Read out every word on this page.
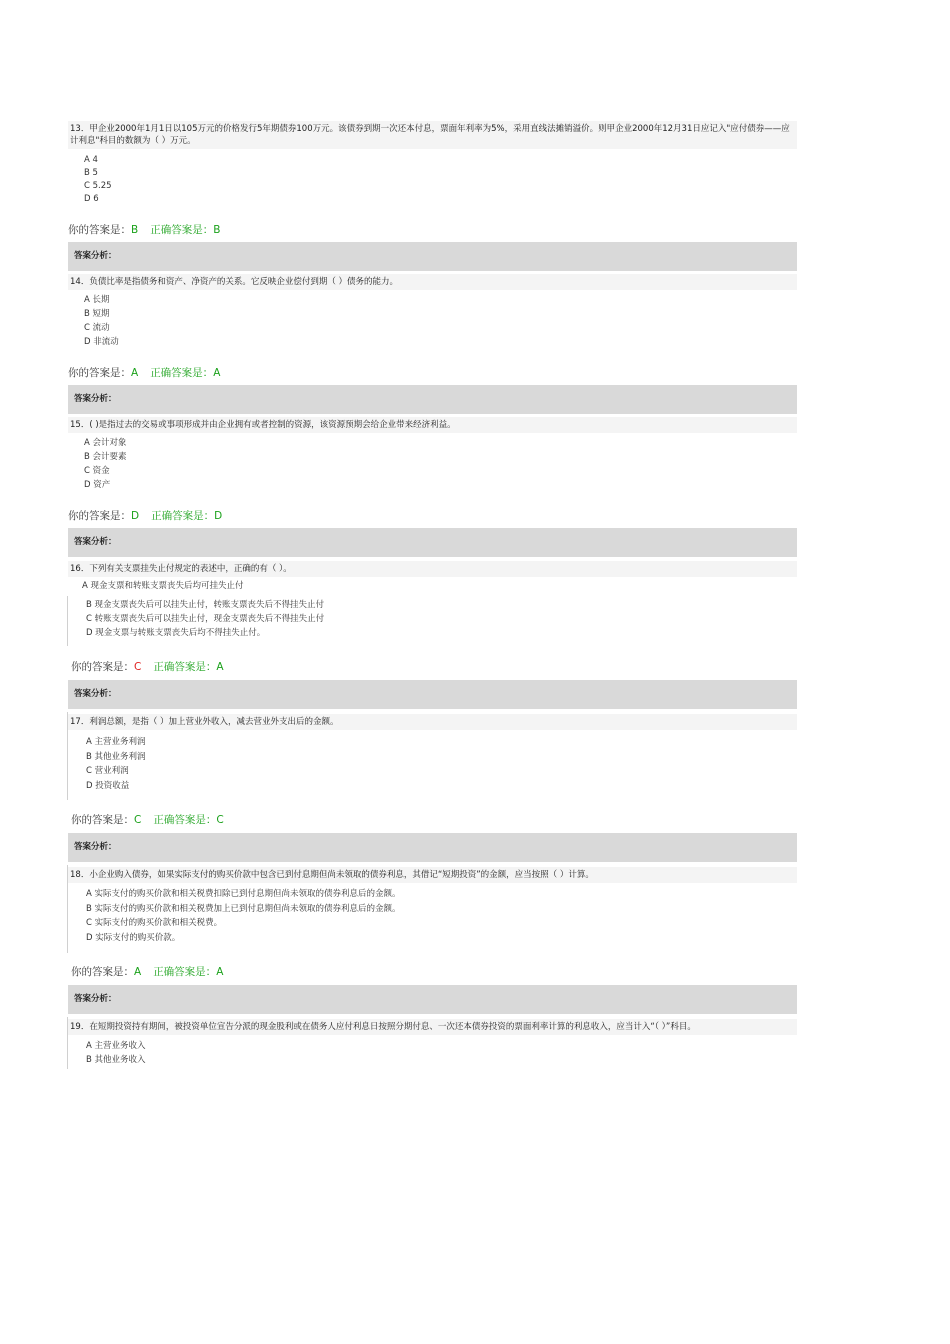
13．甲企业2000年1月1日以105万元的价格发行5年期债券100万元。该债券到期一次还本付息，票面年利率为5%，采用直线法摊销溢价。则甲企业2000年12月31日应记入"应付债券——应计利息"科目的数额为（ ）万元。
A 4
B 5
C 5.25
D 6
你的答案是：B 正确答案是：B
答案分析：
14．负债比率是指债务和资产、净资产的关系。它反映企业偿付到期（ ）债务的能力。
A 长期
B 短期
C 流动
D 非流动
你的答案是：A 正确答案是：A
答案分析：
15．( )是指过去的交易或事项形成并由企业拥有或者控制的资源，该资源预期会给企业带来经济利益。
A 会计对象
B 会计要素
C 资金
D 资产
你的答案是：D 正确答案是：D
答案分析：
16．下列有关支票挂失止付规定的表述中，正确的有（ ）。
A 现金支票和转账支票丧失后均可挂失止付
B 现金支票丧失后可以挂失止付，转账支票丧失后不得挂失止付
C 转账支票丧失后可以挂失止付，现金支票丧失后不得挂失止付
D 现金支票与转账支票丧失后均不得挂失止付。
你的答案是：C 正确答案是：A
答案分析：
17．利润总额，是指（ ）加上营业外收入，减去营业外支出后的金额。
A 主营业务利润
B 其他业务利润
C 营业利润
D 投资收益
你的答案是：C 正确答案是：C
答案分析：
18．小企业购入债券，如果实际支付的购买价款中包含已到付息期但尚未领取的债券利息，其借记“短期投资”的金额，应当按照（ ）计算。
A 实际支付的购买价款和相关税费扣除已到付息期但尚未领取的债券利息后的金额。
B 实际支付的购买价款和相关税费加上已到付息期但尚未领取的债券利息后的金额。
C 实际支付的购买价款和相关税费。
D 实际支付的购买价款。
你的答案是：A 正确答案是：A
答案分析：
19．在短期投资持有期间，被投资单位宣告分派的现金股利或在债务人应付利息日按照分期付息、一次还本债券投资的票面利率计算的利息收入，应当计入“（ ）”科目。
A 主营业务收入
B 其他业务收入
